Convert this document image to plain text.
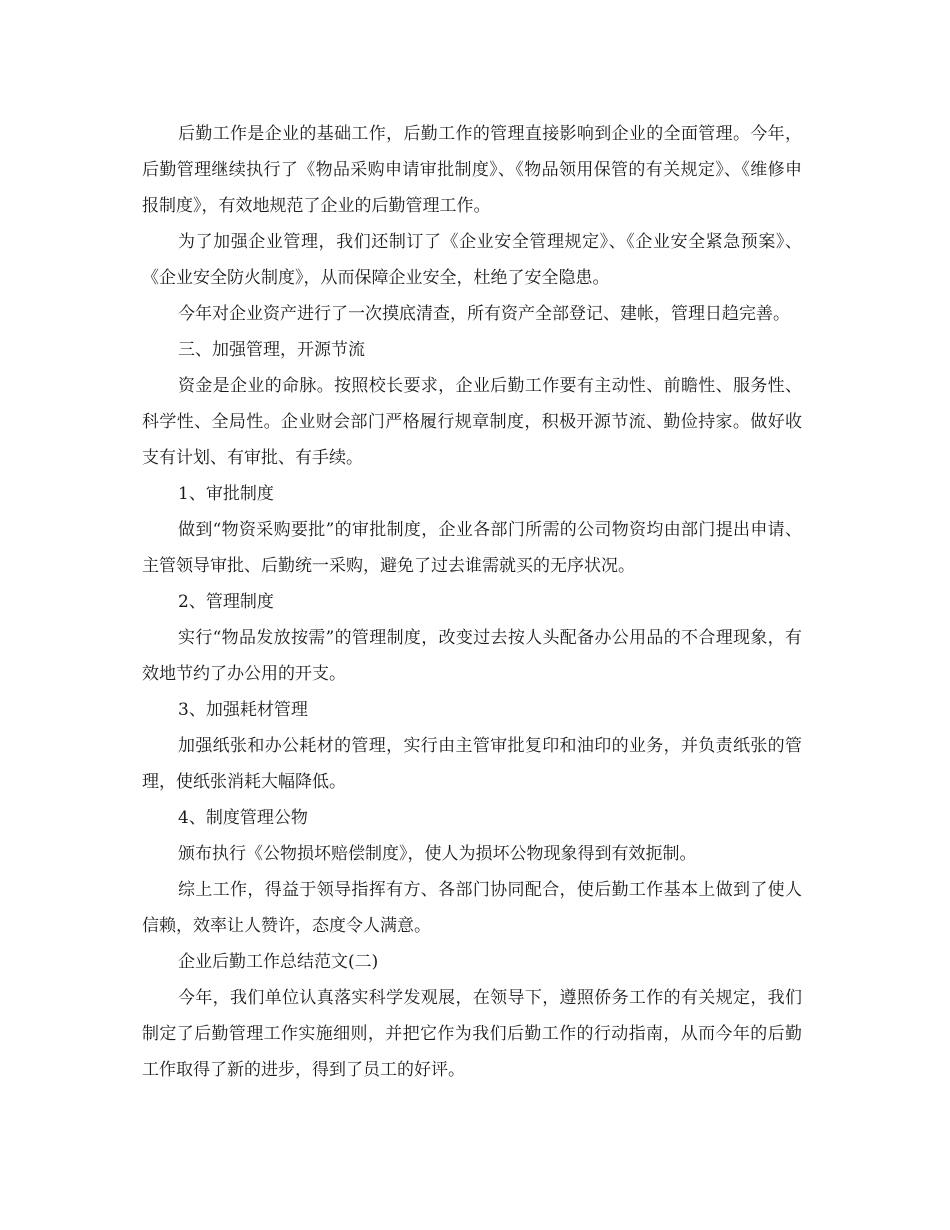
后勤工作是企业的基础工作，后勤工作的管理直接影响到企业的全面管理。今年，后勤管理继续执行了《物品采购申请审批制度》、《物品领用保管的有关规定》、《维修申报制度》，有效地规范了企业的后勤管理工作。

为了加强企业管理，我们还制订了《企业安全管理规定》、《企业安全紧急预案》、《企业安全防火制度》，从而保障企业安全，杜绝了安全隐患。

今年对企业资产进行了一次摸底清查，所有资产全部登记、建帐，管理日趋完善。

三、加强管理，开源节流

资金是企业的命脉。按照校长要求，企业后勤工作要有主动性、前瞻性、服务性、科学性、全局性。企业财会部门严格履行规章制度，积极开源节流、勤俭持家。做好收支有计划、有审批、有手续。

1、审批制度

做到“物资采购要批”的审批制度，企业各部门所需的公司物资均由部门提出申请、主管领导审批、后勤统一采购，避免了过去谁需就买的无序状况。

2、管理制度

实行“物品发放按需”的管理制度，改变过去按人头配备办公用品的不合理现象，有效地节约了办公用的开支。

3、加强耗材管理

加强纸张和办公耗材的管理，实行由主管审批复印和油印的业务，并负责纸张的管理，使纸张消耗大幅降低。

4、制度管理公物

颁布执行《公物损坏赔偿制度》，使人为损坏公物现象得到有效扼制。

综上工作，得益于领导指挥有方、各部门协同配合，使后勤工作基本上做到了使人信赖，效率让人赞许，态度令人满意。

企业后勤工作总结范文(二)

今年，我们单位认真落实科学发观展，在领导下，遵照侨务工作的有关规定，我们制定了后勤管理工作实施细则，并把它作为我们后勤工作的行动指南，从而今年的后勤工作取得了新的进步，得到了员工的好评。
